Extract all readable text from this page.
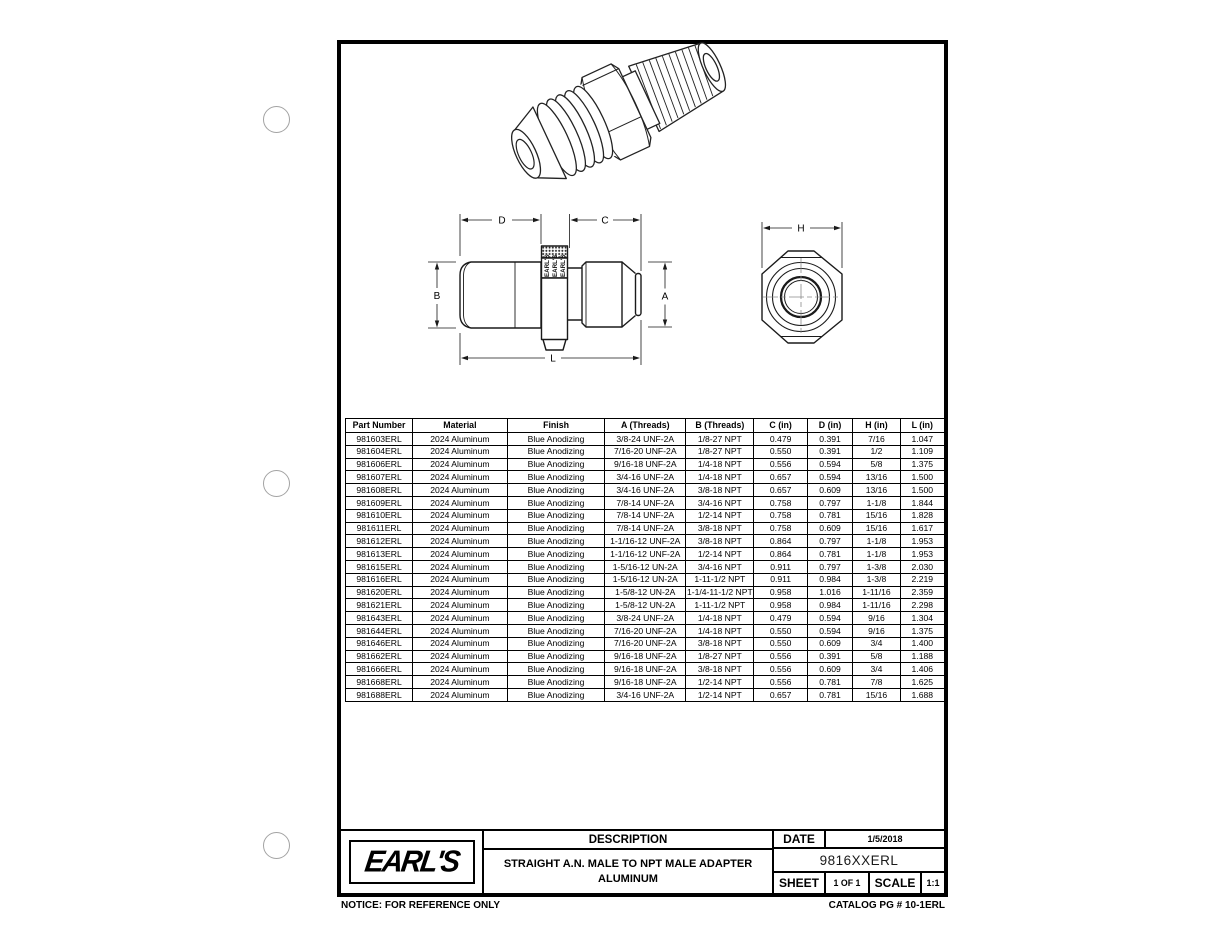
EARL'S EARL'S EARL'S
D	C
B	A
L
H
Part Number	Material	Finish	A (Threads)	B (Threads)	C (in)	D (in)	H (in)	L (in)
981603ERL	2024 Aluminum	Blue Anodizing	3/8-24 UNF-2A	1/8-27 NPT	0.479	0.391	7/16	1.047
981604ERL	2024 Aluminum	Blue Anodizing	7/16-20 UNF-2A	1/8-27 NPT	0.550	0.391	1/2	1.109
981606ERL	2024 Aluminum	Blue Anodizing	9/16-18 UNF-2A	1/4-18 NPT	0.556	0.594	5/8	1.375
981607ERL	2024 Aluminum	Blue Anodizing	3/4-16 UNF-2A	1/4-18 NPT	0.657	0.594	13/16	1.500
981608ERL	2024 Aluminum	Blue Anodizing	3/4-16 UNF-2A	3/8-18 NPT	0.657	0.609	13/16	1.500
981609ERL	2024 Aluminum	Blue Anodizing	7/8-14 UNF-2A	3/4-16 NPT	0.758	0.797	1-1/8	1.844
981610ERL	2024 Aluminum	Blue Anodizing	7/8-14 UNF-2A	1/2-14 NPT	0.758	0.781	15/16	1.828
981611ERL	2024 Aluminum	Blue Anodizing	7/8-14 UNF-2A	3/8-18 NPT	0.758	0.609	15/16	1.617
981612ERL	2024 Aluminum	Blue Anodizing	1-1/16-12 UNF-2A	3/8-18 NPT	0.864	0.797	1-1/8	1.953
981613ERL	2024 Aluminum	Blue Anodizing	1-1/16-12 UNF-2A	1/2-14 NPT	0.864	0.781	1-1/8	1.953
981615ERL	2024 Aluminum	Blue Anodizing	1-5/16-12 UN-2A	3/4-16 NPT	0.911	0.797	1-3/8	2.030
981616ERL	2024 Aluminum	Blue Anodizing	1-5/16-12 UN-2A	1-11-1/2 NPT	0.911	0.984	1-3/8	2.219
981620ERL	2024 Aluminum	Blue Anodizing	1-5/8-12 UN-2A	1-1/4-11-1/2 NPT	0.958	1.016	1-11/16	2.359
981621ERL	2024 Aluminum	Blue Anodizing	1-5/8-12 UN-2A	1-11-1/2 NPT	0.958	0.984	1-11/16	2.298
981643ERL	2024 Aluminum	Blue Anodizing	3/8-24 UNF-2A	1/4-18 NPT	0.479	0.594	9/16	1.304
981644ERL	2024 Aluminum	Blue Anodizing	7/16-20 UNF-2A	1/4-18 NPT	0.550	0.594	9/16	1.375
981646ERL	2024 Aluminum	Blue Anodizing	7/16-20 UNF-2A	3/8-18 NPT	0.550	0.609	3/4	1.400
981662ERL	2024 Aluminum	Blue Anodizing	9/16-18 UNF-2A	1/8-27 NPT	0.556	0.391	5/8	1.188
981666ERL	2024 Aluminum	Blue Anodizing	9/16-18 UNF-2A	3/8-18 NPT	0.556	0.609	3/4	1.406
981668ERL	2024 Aluminum	Blue Anodizing	9/16-18 UNF-2A	1/2-14 NPT	0.556	0.781	7/8	1.625
981688ERL	2024 Aluminum	Blue Anodizing	3/4-16 UNF-2A	1/2-14 NPT	0.657	0.781	15/16	1.688
EARL'S
DESCRIPTION
STRAIGHT A.N. MALE TO NPT MALE ADAPTER
ALUMINUM
DATE	1/5/2018
9816XXERL
SHEET	1 OF 1	SCALE	1:1
NOTICE: FOR REFERENCE ONLY	CATALOG PG # 10-1ERL
